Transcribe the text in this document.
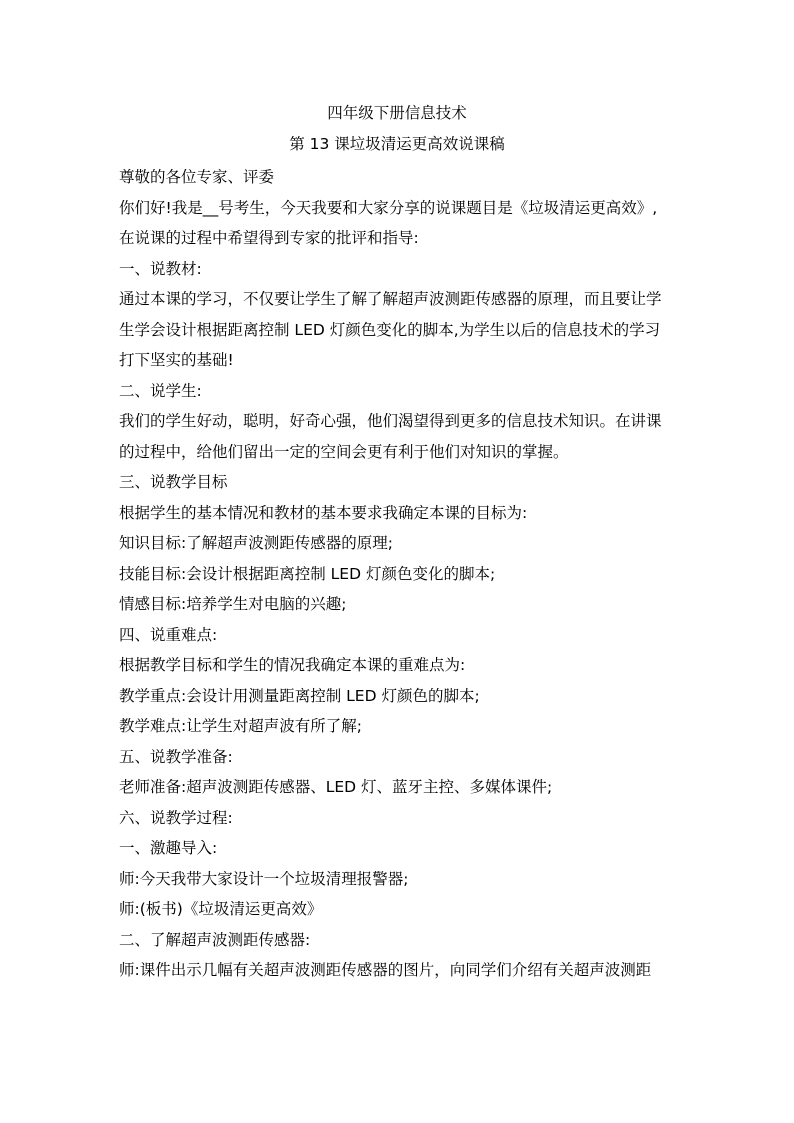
四年级下册信息技术
第 13 课垃圾清运更高效说课稿
尊敬的各位专家、评委
你们好!我是__号考生，今天我要和大家分享的说课题目是《垃圾清运更高效》,
在说课的过程中希望得到专家的批评和指导:
一、说教材:
通过本课的学习，不仅要让学生了解了解超声波测距传感器的原理，而且要让学
生学会设计根据距离控制 LED 灯颜色变化的脚本,为学生以后的信息技术的学习
打下坚实的基础!
二、说学生:
我们的学生好动，聪明，好奇心强，他们渴望得到更多的信息技术知识。在讲课
的过程中，给他们留出一定的空间会更有利于他们对知识的掌握。
三、说教学目标
根据学生的基本情况和教材的基本要求我确定本课的目标为:
知识目标:了解超声波测距传感器的原理;
技能目标:会设计根据距离控制 LED 灯颜色变化的脚本;
情感目标:培养学生对电脑的兴趣;
四、说重难点:
根据教学目标和学生的情况我确定本课的重难点为:
教学重点:会设计用测量距离控制 LED 灯颜色的脚本;
教学难点:让学生对超声波有所了解;
五、说教学准备:
老师准备:超声波测距传感器、LED 灯、蓝牙主控、多媒体课件;
六、说教学过程:
一、激趣导入:
师:今天我带大家设计一个垃圾清理报警器;
师:(板书)《垃圾清运更高效》
二、了解超声波测距传感器:
师:课件出示几幅有关超声波测距传感器的图片，向同学们介绍有关超声波测距
